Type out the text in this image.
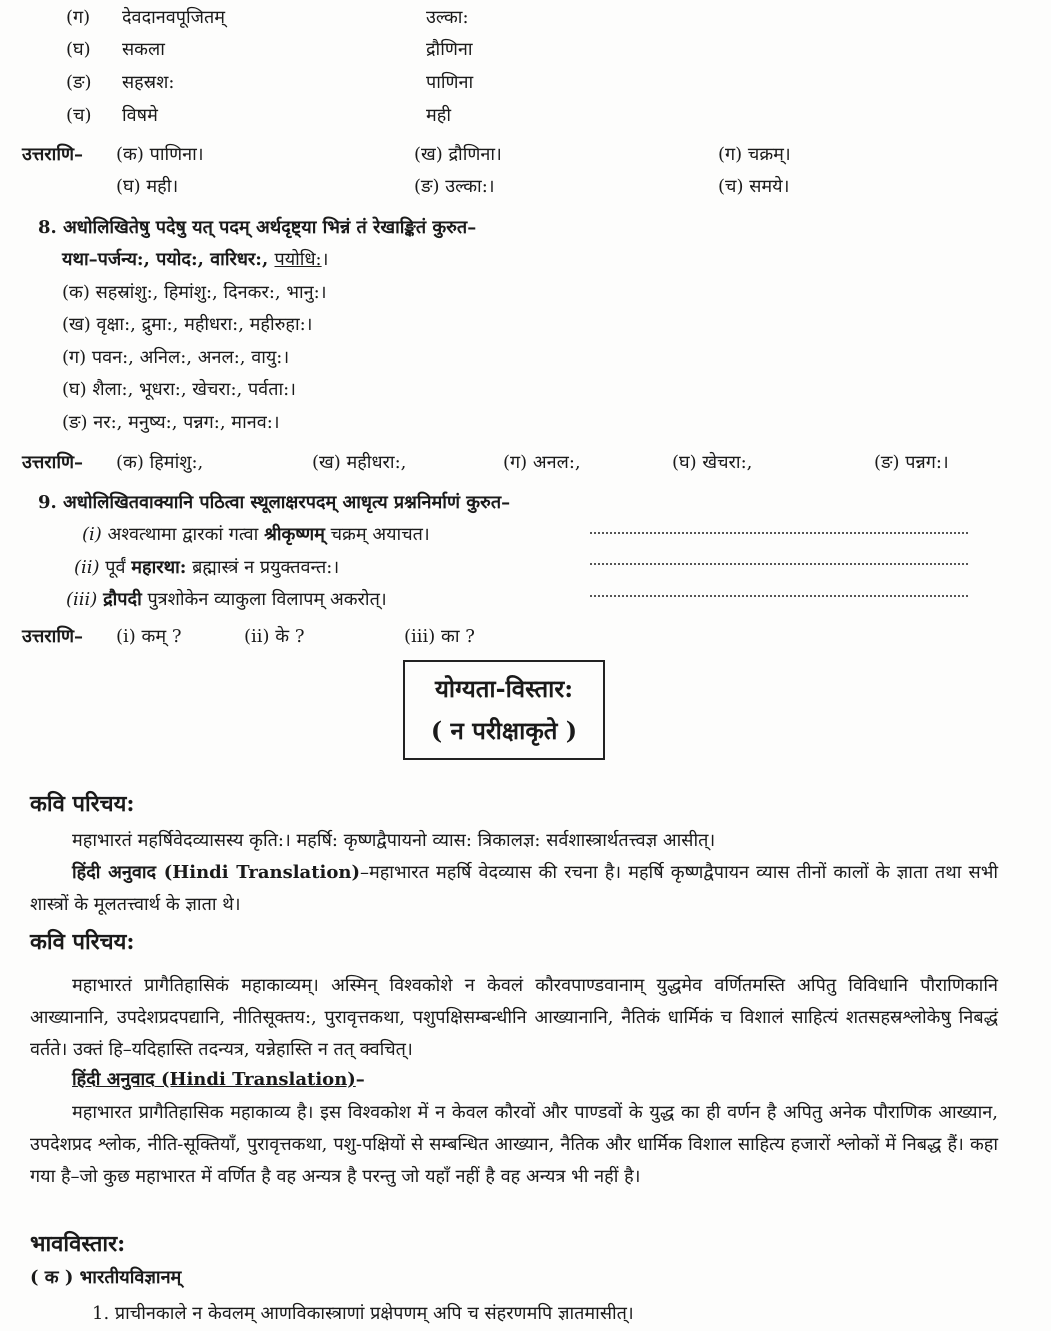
(ग) देवदानवपूजितम्	उल्का:
(घ) सकला	द्रौणिना
(ङ) सहस्रश:	पाणिना
(च) विषमे	मही
उत्तराणि– (क) पाणिना।	(ख) द्रौणिना।	(ग) चक्रम्।
(घ) मही।	(ङ) उल्का:।	(च) समये।
8. अधोलिखितेषु पदेषु यत् पदम् अर्थदृष्ट्या भिन्नं तं रेखाङ्कितं कुरुत–
यथा–पर्जन्य:, पयोद:, वारिधर:, पयोधि:।
(क) सहस्रांशु:, हिमांशु:, दिनकर:, भानु:।
(ख) वृक्षा:, द्रुमा:, महीधरा:, महीरुहा:।
(ग) पवन:, अनिल:, अनल:, वायु:।
(घ) शैला:, भूधरा:, खेचरा:, पर्वता:।
(ङ) नर:, मनुष्य:, पन्नग:, मानव:।
उत्तराणि– (क) हिमांशु:,	(ख) महीधरा:,	(ग) अनल:,	(घ) खेचरा:,	(ङ) पन्नग:।
9. अधोलिखितवाक्यानि पठित्वा स्थूलाक्षरपदम् आधृत्य प्रश्ननिर्माणं कुरुत–
(i) अश्वत्थामा द्वारकां गत्वा श्रीकृष्णम् चक्रम् अयाचत।
(ii) पूर्वं महारथा: ब्रह्मास्त्रं न प्रयुक्तवन्त:।
(iii) द्रौपदी पुत्रशोकेन व्याकुला विलापम् अकरोत्।
उत्तराणि– (i) कम् ?	(ii) के ?	(iii) का ?
योग्यता-विस्तार:
( न परीक्षाकृते )
कवि परिचय:
महाभारतं महर्षिवेदव्यासस्य कृति:। महर्षि: कृष्णद्वैपायनो व्यास: त्रिकालज्ञ: सर्वशास्त्रार्थतत्त्वज्ञ आसीत्।
हिंदी अनुवाद (Hindi Translation)–महाभारत महर्षि वेदव्यास की रचना है। महर्षि कृष्णद्वैपायन व्यास तीनों कालों के ज्ञाता तथा सभी शास्त्रों के मूलतत्त्वार्थ के ज्ञाता थे।
कवि परिचय:
महाभारतं प्रागैतिहासिकं महाकाव्यम्। अस्मिन् विश्वकोशे न केवलं कौरवपाण्डवानाम् युद्धमेव वर्णितमस्ति अपितु विविधानि पौराणिकानि आख्यानानि, उपदेशप्रदपद्यानि, नीतिसूक्तय:, पुरावृत्तकथा, पशुपक्षिसम्बन्धीनि आख्यानानि, नैतिकं धार्मिकं च विशालं साहित्यं शतसहस्रश्लोकेषु निबद्धं वर्तते। उक्तं हि–यदिहास्ति तदन्यत्र, यन्नेहास्ति न तत् क्वचित्।
हिंदी अनुवाद (Hindi Translation)–
महाभारत प्रागैतिहासिक महाकाव्य है। इस विश्वकोश में न केवल कौरवों और पाण्डवों के युद्ध का ही वर्णन है अपितु अनेक पौराणिक आख्यान, उपदेशप्रद श्लोक, नीति-सूक्तियाँ, पुरावृत्तकथा, पशु-पक्षियों से सम्बन्धित आख्यान, नैतिक और धार्मिक विशाल साहित्य हजारों श्लोकों में निबद्ध हैं। कहा गया है–जो कुछ महाभारत में वर्णित है वह अन्यत्र है परन्तु जो यहाँ नहीं है वह अन्यत्र भी नहीं है।
भावविस्तार:
( क ) भारतीयविज्ञानम्
1. प्राचीनकाले न केवलम् आणविकास्त्राणां प्रक्षेपणम् अपि च संहरणमपि ज्ञातमासीत्।
